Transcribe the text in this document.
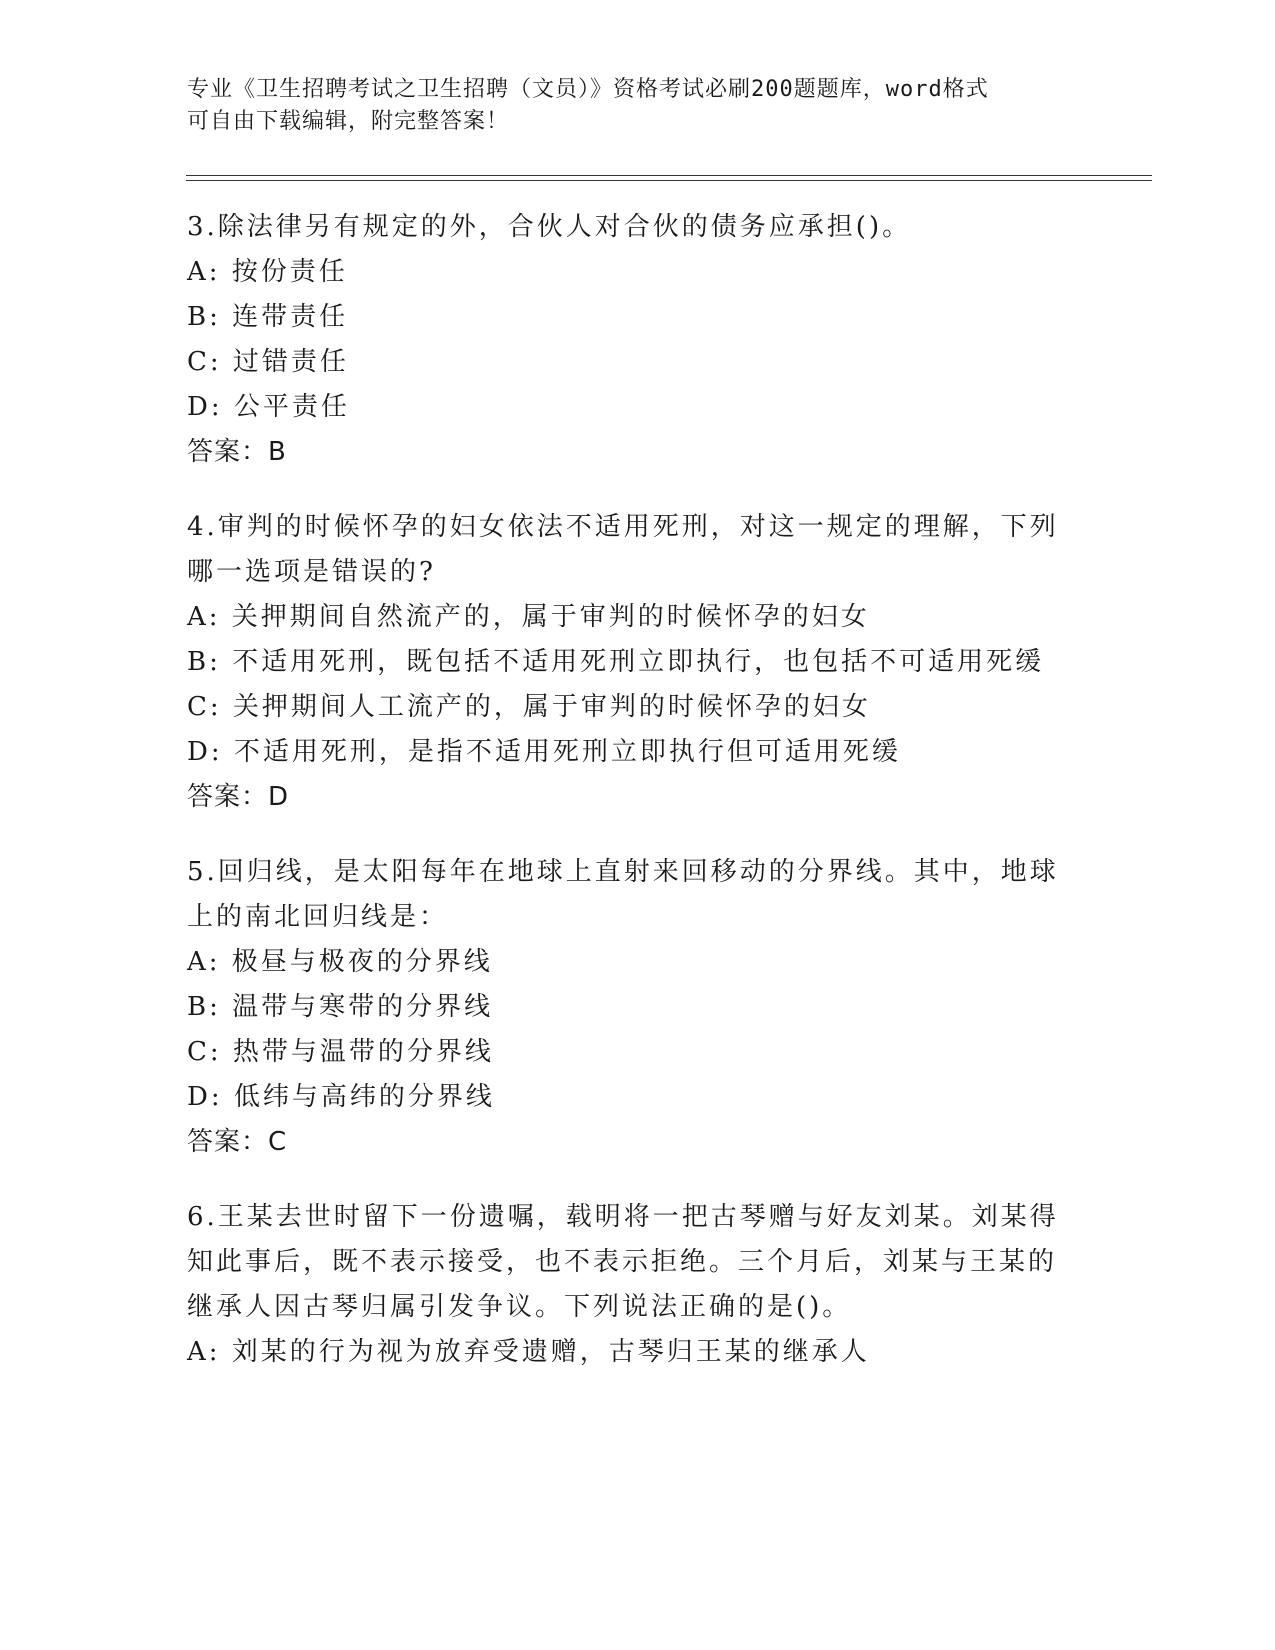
专业《卫生招聘考试之卫生招聘（文员）》资格考试必刷200题题库，word格式
可自由下载编辑，附完整答案！
3.除法律另有规定的外，合伙人对合伙的债务应承担()。
A: 按份责任
B: 连带责任
C: 过错责任
D: 公平责任
答案：B
4.审判的时候怀孕的妇女依法不适用死刑，对这一规定的理解，下列
哪一选项是错误的?
A: 关押期间自然流产的，属于审判的时候怀孕的妇女
B: 不适用死刑，既包括不适用死刑立即执行，也包括不可适用死缓
C: 关押期间人工流产的，属于审判的时候怀孕的妇女
D: 不适用死刑，是指不适用死刑立即执行但可适用死缓
答案：D
5.回归线，是太阳每年在地球上直射来回移动的分界线。其中，地球
上的南北回归线是：
A: 极昼与极夜的分界线
B: 温带与寒带的分界线
C: 热带与温带的分界线
D: 低纬与高纬的分界线
答案：C
6.王某去世时留下一份遗嘱，载明将一把古琴赠与好友刘某。刘某得
知此事后，既不表示接受，也不表示拒绝。三个月后，刘某与王某的
继承人因古琴归属引发争议。下列说法正确的是()。
A: 刘某的行为视为放弃受遗赠，古琴归王某的继承人
